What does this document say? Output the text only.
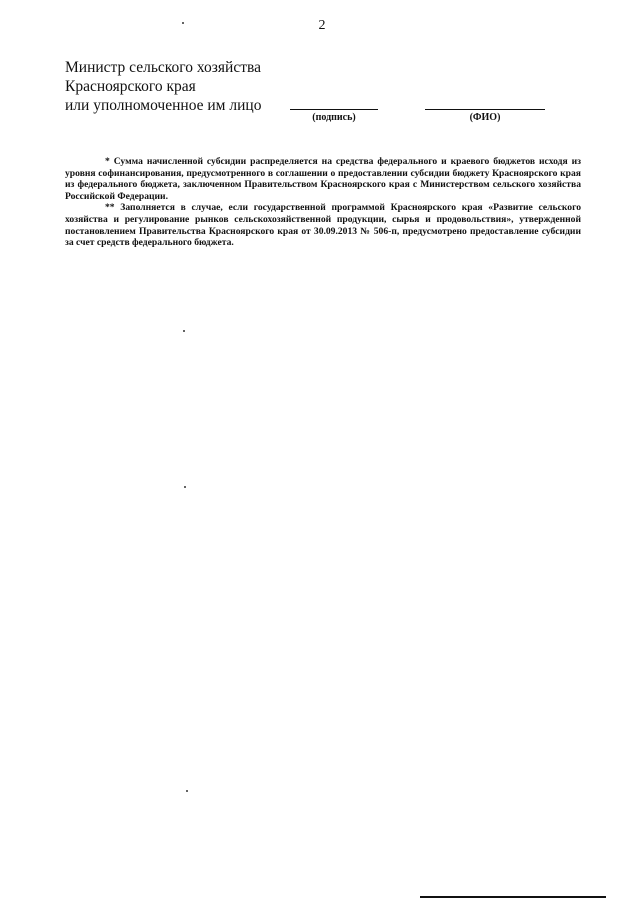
2
Министр сельского хозяйства
Красноярского края
или уполномоченное им лицо
(подпись)	(ФИО)

* Сумма начисленной субсидии распределяется на средства федерального и краевого бюджетов исходя из уровня софинансирования, предусмотренного в соглашении о предоставлении субсидии бюджету Красноярского края из федерального бюджета, заключенном Правительством Красноярского края с Министерством сельского хозяйства Российской Федерации.

** Заполняется в случае, если государственной программой Красноярского края «Развитие сельского хозяйства и регулирование рынков сельскохозяйственной продукции, сырья и продовольствия», утвержденной постановлением Правительства Красноярского края от 30.09.2013 № 506-п, предусмотрено предоставление субсидии за счет средств федерального бюджета.
